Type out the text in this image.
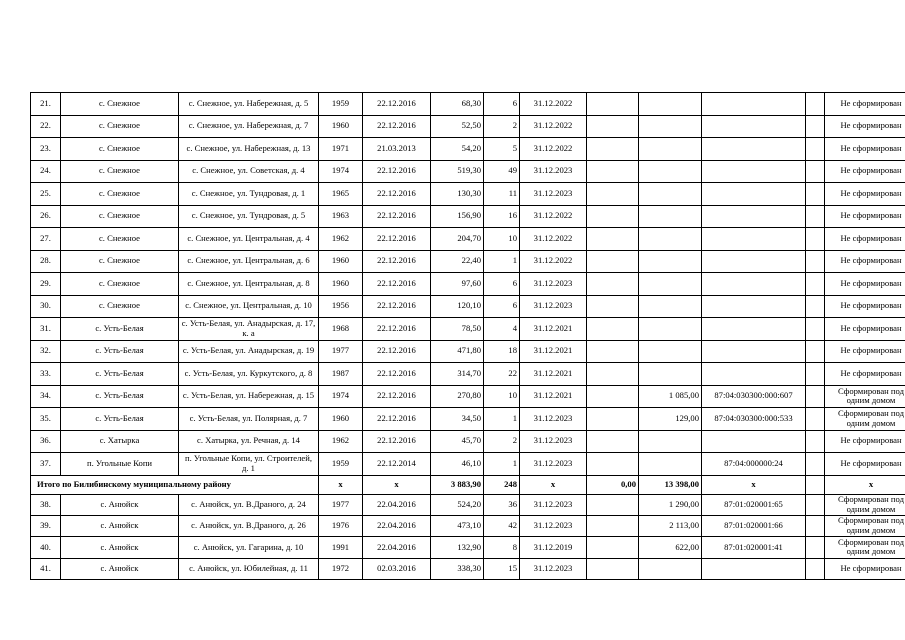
21.	с. Снежное	с. Снежное, ул. Набережная, д. 5	1959	22.12.2016	68,30	6	31.12.2022					Не сформирован
22.	с. Снежное	с. Снежное, ул. Набережная, д. 7	1960	22.12.2016	52,50	2	31.12.2022					Не сформирован
23.	с. Снежное	с. Снежное, ул. Набережная, д. 13	1971	21.03.2013	54,20	5	31.12.2022					Не сформирован
24.	с. Снежное	с. Снежное, ул. Советская, д. 4	1974	22.12.2016	519,30	49	31.12.2023					Не сформирован
25.	с. Снежное	с. Снежное, ул. Тундровая, д. 1	1965	22.12.2016	130,30	11	31.12.2023					Не сформирован
26.	с. Снежное	с. Снежное, ул. Тундровая, д. 5	1963	22.12.2016	156,90	16	31.12.2022					Не сформирован
27.	с. Снежное	с. Снежное, ул. Центральная, д. 4	1962	22.12.2016	204,70	10	31.12.2022					Не сформирован
28.	с. Снежное	с. Снежное, ул. Центральная, д. 6	1960	22.12.2016	22,40	1	31.12.2022					Не сформирован
29.	с. Снежное	с. Снежное, ул. Центральная, д. 8	1960	22.12.2016	97,60	6	31.12.2023					Не сформирован
30.	с. Снежное	с. Снежное, ул. Центральная, д. 10	1956	22.12.2016	120,10	6	31.12.2023					Не сформирован
31.	с. Усть-Белая	с. Усть-Белая, ул. Анадырская, д. 17, к. а	1968	22.12.2016	78,50	4	31.12.2021					Не сформирован
32.	с. Усть-Белая	с. Усть-Белая, ул. Анадырская, д. 19	1977	22.12.2016	471,80	18	31.12.2021					Не сформирован
33.	с. Усть-Белая	с. Усть-Белая, ул. Куркутского, д. 8	1987	22.12.2016	314,70	22	31.12.2021					Не сформирован
34.	с. Усть-Белая	с. Усть-Белая, ул. Набережная, д. 15	1974	22.12.2016	270,80	10	31.12.2021		1 085,00	87:04:030300:000:607		Сформирован под одним домом
35.	с. Усть-Белая	с. Усть-Белая, ул. Полярная, д. 7	1960	22.12.2016	34,50	1	31.12.2023		129,00	87:04:030300:000:533		Сформирован под одним домом
36.	с. Хатырка	с. Хатырка, ул. Речная, д. 14	1962	22.12.2016	45,70	2	31.12.2023					Не сформирован
37.	п. Угольные Копи	п. Угольные Копи, ул. Строителей, д. 1	1959	22.12.2014	46,10	1	31.12.2023			87:04:000000:24		Не сформирован
Итого по Билибинскому муниципальному району			x	x	3 883,90	248	x	0,00	13 398,00	x		x
38.	с. Анюйск	с. Анюйск, ул. В.Драного, д. 24	1977	22.04.2016	524,20	36	31.12.2023		1 290,00	87:01:020001:65		Сформирован под одним домом
39.	с. Анюйск	с. Анюйск, ул. В.Драного, д. 26	1976	22.04.2016	473,10	42	31.12.2023		2 113,00	87:01:020001:66		Сформирован под одним домом
40.	с. Анюйск	с. Анюйск, ул. Гагарина, д. 10	1991	22.04.2016	132,90	8	31.12.2019		622,00	87:01:020001:41		Сформирован под одним домом
41.	с. Анюйск	с. Анюйск, ул. Юбилейная, д. 11	1972	02.03.2016	338,30	15	31.12.2023					Не сформирован
